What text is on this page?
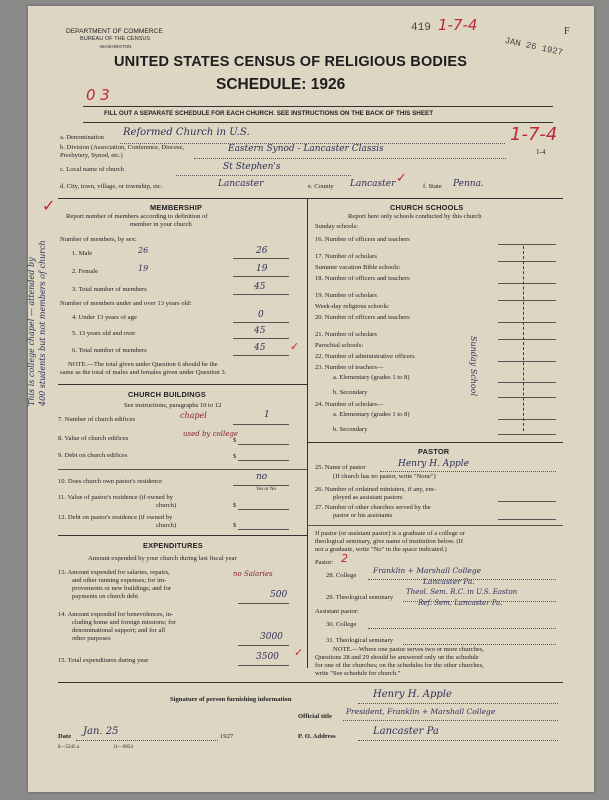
DEPARTMENT OF COMMERCE
BUREAU OF THE CENSUS
WASHINGTON
419 1-7-4
JAN 26 1927
F
UNITED STATES CENSUS OF RELIGIOUS BODIES
0 3
SCHEDULE: 1926
FILL OUT A SEPARATE SCHEDULE FOR EACH CHURCH. SEE INSTRUCTIONS ON THE BACK OF THIS SHEET
a. Denomination Reformed Church in U.S.	1-7-4
b. Division (Association, Conference, Diocese, Presbytery, Synod, etc.)
Eastern Synod - Lancaster Classis	1-4
c. Local name of church	St Stephen's
d. City, town, village, or township, etc.	Lancaster	e. County Lancaster	f. State Penna.
✓
MEMBERSHIP
Report number of members according to definition of
member in your church
Number of members, by sex:
1. Male	26	26
2. Female	19	19
3. Total number of members	45
Number of members under and over 13 years old:
4. Under 13 years of age	0
5. 13 years old and over	45
6. Total number of members	45 ✓
NOTE.—The total given under Question 6 should be the
same as the total of males and females given under Question 3.
CHURCH BUILDINGS
See instructions, paragraphs 10 to 12
7. Number of church edifices	chapel	1
8. Value of church edifices
used by college
$
9. Debt on church edifices	$
10. Does church own pastor's residence	no
Yes or No
11. Value of pastor's residence (if owned by
church)	$
12. Debt on pastor's residence (if owned by
church)	$
EXPENDITURES
Amount expended by your church during last fiscal year
13. Amount expended for salaries, repairs,
and other running expenses; for im-
provements or new buildings; and for
payments on church debt
no Salaries
500
14. Amount expended for benevolences, in-
cluding home and foreign missions; for
denominational support; and for all
other purposes	3000
15. Total expenditures during year	3500 ✓
CHURCH SCHOOLS
Report here only schools conducted by this church
Sunday schools:
16. Number of officers and teachers
17. Number of scholars
Summer vacation Bible schools:
18. Number of officers and teachers
19. Number of scholars
Week-day religious schools:
20. Number of officers and teachers
21. Number of scholars
Parochial schools:
22. Number of administrative officers
23. Number of teachers—
a. Elementary (grades 1 to 8)
b. Secondary
24. Number of scholars—
a. Elementary (grades 1 to 8)
b. Secondary
Sunday School
PASTOR
25. Name of pastor	Henry H. Apple
(If church has no pastor, write "None")
26. Number of ordained ministers, if any, em-
ployed as assistant pastors
27. Number of other churches served by the
pastor or his assistants
If pastor (or assistant pastor) is a graduate of a college or
theological seminary, give name of institution below. (If
not a graduate, write "No" in the space indicated.)
Pastor: 2
28. College
Franklin + Marshall College
Lancaster Pa.
29. Theological seminary
Theol. Sem. R.C. in U.S. Easton
Ref. Sem. Lancaster Pa.
Assistant pastor:
30. College
31. Theological seminary
NOTE.—Where one pastor serves two or more churches,
Questions 28 and 29 should be answered only on the schedule
for one of the churches; on the schedules for the other churches,
write "See schedule for church."
Signature of person furnishing information	Henry H. Apple
Official title
President, Franklin + Marshall College
Date Jan. 25	1927	P. O. Address	Lancaster Pa
8—5245 a	11—9054
This is college chapel — attended by 400 students but not members of church
✓
